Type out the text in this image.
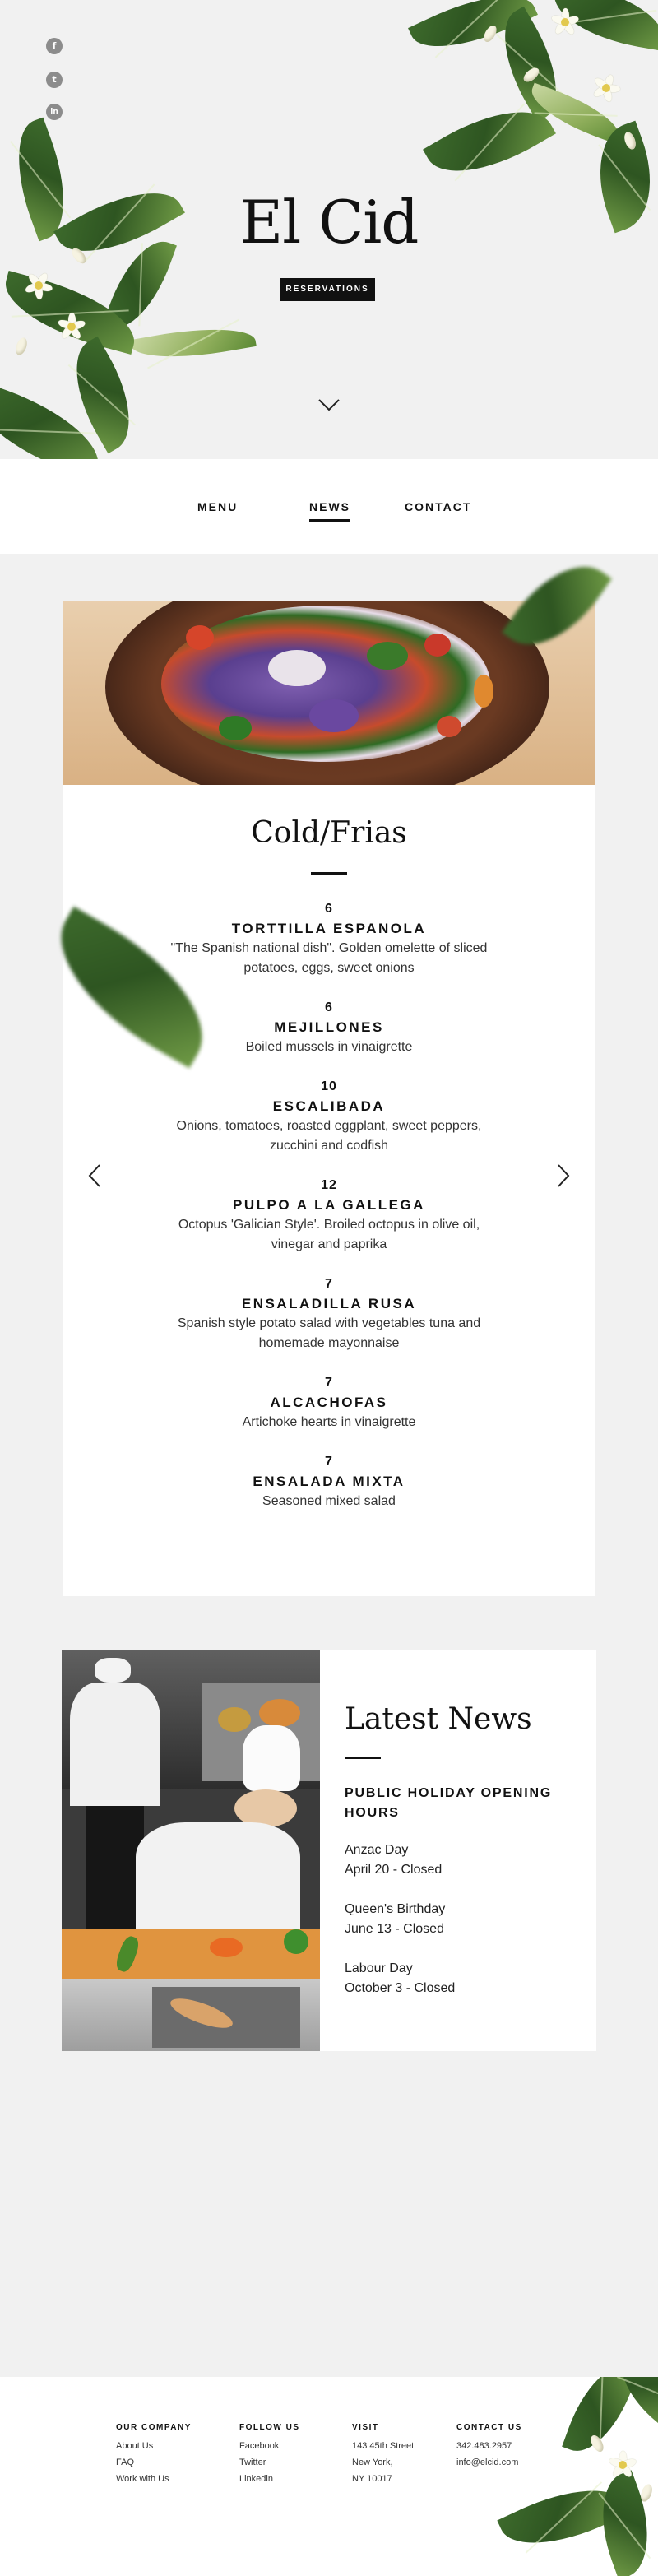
f
t
in
El Cid
RESERVATIONS
MENU	NEWS	CONTACT
Cold/Frias
6
TORTTILLA ESPANOLA
"The Spanish national dish". Golden omelette of sliced potatoes, eggs, sweet onions
6
MEJILLONES
Boiled mussels in vinaigrette
10
ESCALIBADA
Onions, tomatoes, roasted eggplant, sweet peppers, zucchini and codfish
12
PULPO A LA GALLEGA
Octopus 'Galician Style'. Broiled octopus in olive oil, vinegar and paprika
7
ENSALADILLA RUSA
Spanish style potato salad with vegetables tuna and homemade mayonnaise
7
ALCACHOFAS
Artichoke hearts in vinaigrette
7
ENSALADA MIXTA
Seasoned mixed salad
Latest News
PUBLIC HOLIDAY OPENING HOURS
Anzac Day
April 20 - Closed
Queen's Birthday
June 13 - Closed
Labour Day
October 3 - Closed
OUR COMPANY
About Us
FAQ
Work with Us
FOLLOW US
Facebook
Twitter
Linkedin
VISIT
143 45th Street
New York,
NY 10017
CONTACT US
342.483.2957
info@elcid.com
